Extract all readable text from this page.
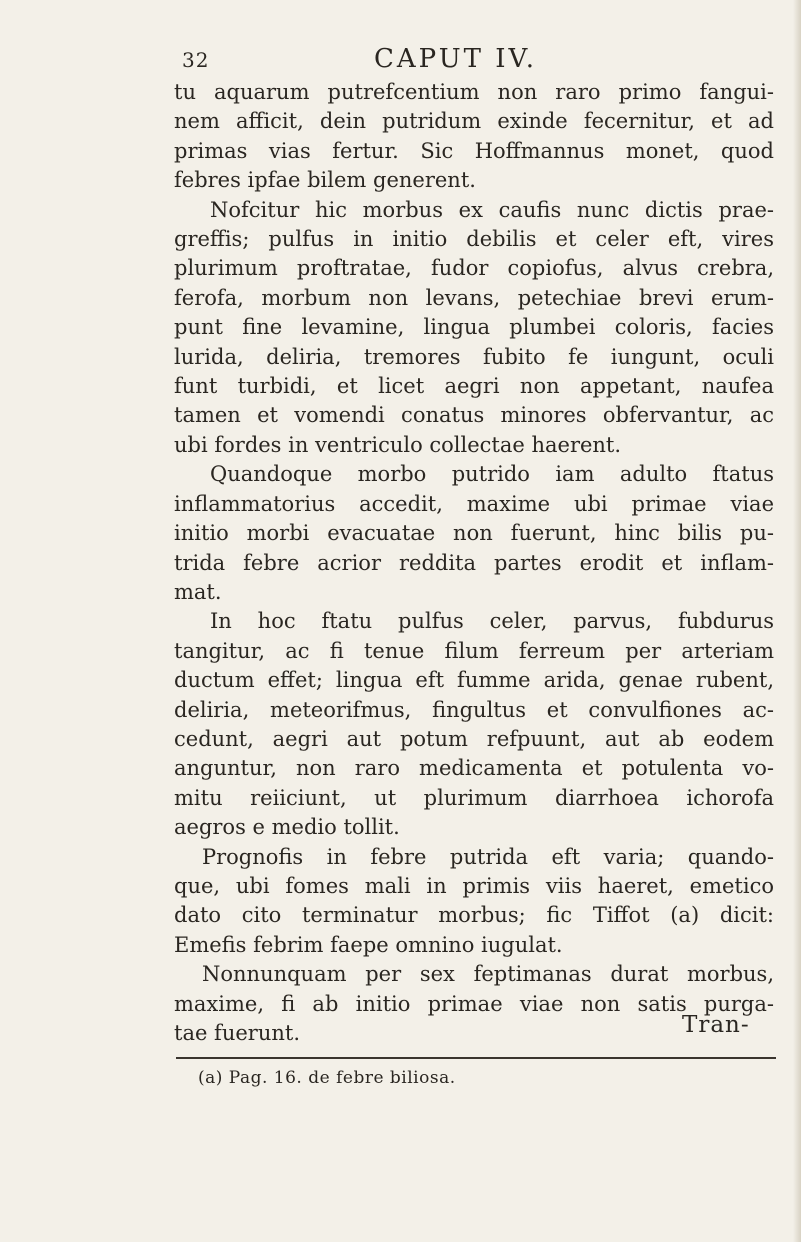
32	CAPUT IV.
tu aquarum putrefcentium non raro primo fangui-
nem afficit, dein putridum exinde fecernitur, et ad
primas vias fertur. Sic Hoffmannus monet, quod
febres ipfae bilem generent.
Nofcitur hic morbus ex caufis nunc dictis prae-
greffis; pulfus in initio debilis et celer eft, vires
plurimum proftratae, fudor copiofus, alvus crebra,
ferofa, morbum non levans, petechiae brevi erum-
punt fine levamine, lingua plumbei coloris, facies
lurida, deliria, tremores fubito fe iungunt, oculi
funt turbidi, et licet aegri non appetant, naufea
tamen et vomendi conatus minores obfervantur, ac
ubi fordes in ventriculo collectae haerent.
Quandoque morbo putrido iam adulto ftatus
inflammatorius accedit, maxime ubi primae viae
initio morbi evacuatae non fuerunt, hinc bilis pu-
trida febre acrior reddita partes erodit et inflam-
mat.
In hoc ftatu pulfus celer, parvus, fubdurus
tangitur, ac fi tenue filum ferreum per arteriam
ductum effet; lingua eft fumme arida, genae rubent,
deliria, meteorifmus, fingultus et convulfiones ac-
cedunt, aegri aut potum refpuunt, aut ab eodem
anguntur, non raro medicamenta et potulenta vo-
mitu reiiciunt, ut plurimum diarrhoea ichorofa
aegros e medio tollit.
Prognofis in febre putrida eft varia; quando-
que, ubi fomes mali in primis viis haeret, emetico
dato cito terminatur morbus; fic Tiffot (a) dicit:
Emefis febrim faepe omnino iugulat.
Nonnunquam per sex feptimanas durat morbus,
maxime, fi ab initio primae viae non satis purga-
tae fuerunt.	Tran-
(a) Pag. 16. de febre biliosa.
